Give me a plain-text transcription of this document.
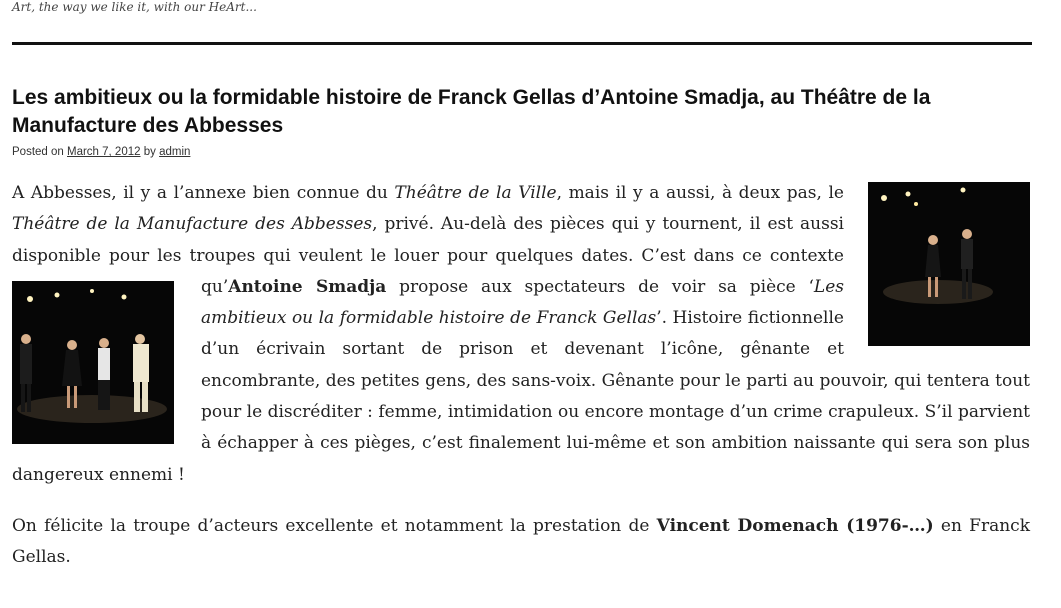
Art, the way we like it, with our HeArt...
Les ambitieux ou la formidable histoire de Franck Gellas d’Antoine Smadja, au Théâtre de la Manufacture des Abbesses
Posted on March 7, 2012 by admin

A Abbesses, il y a l’annexe bien connue du Théâtre de la Ville, mais il y a aussi, à deux pas, le Théâtre de la Manufacture des Abbesses, privé. Au-delà des pièces qui y tournent, il est aussi disponible pour les troupes qui veulent le louer pour quelques dates. C’est dans ce contexte qu’
Antoine Smadja propose aux spectateurs de voir sa pièce ‘Les ambitieux ou la formidable histoire de Franck Gellas’. Histoire fictionnelle d’un écrivain sortant de prison et devenant l’icône, gênante et encombrante, des petites gens, des sans-voix. Gênante pour le parti au pouvoir, qui tentera tout pour le discréditer : femme, intimidation ou encore montage d’un crime crapuleux. S’il parvient à échapper à ces pièges, c’est finalement lui-même et son ambition naissante qui sera son plus dangereux ennemi !

On félicite la troupe d’acteurs excellente et notamment la prestation de Vincent Domenach (1976-…) en Franck Gellas.
